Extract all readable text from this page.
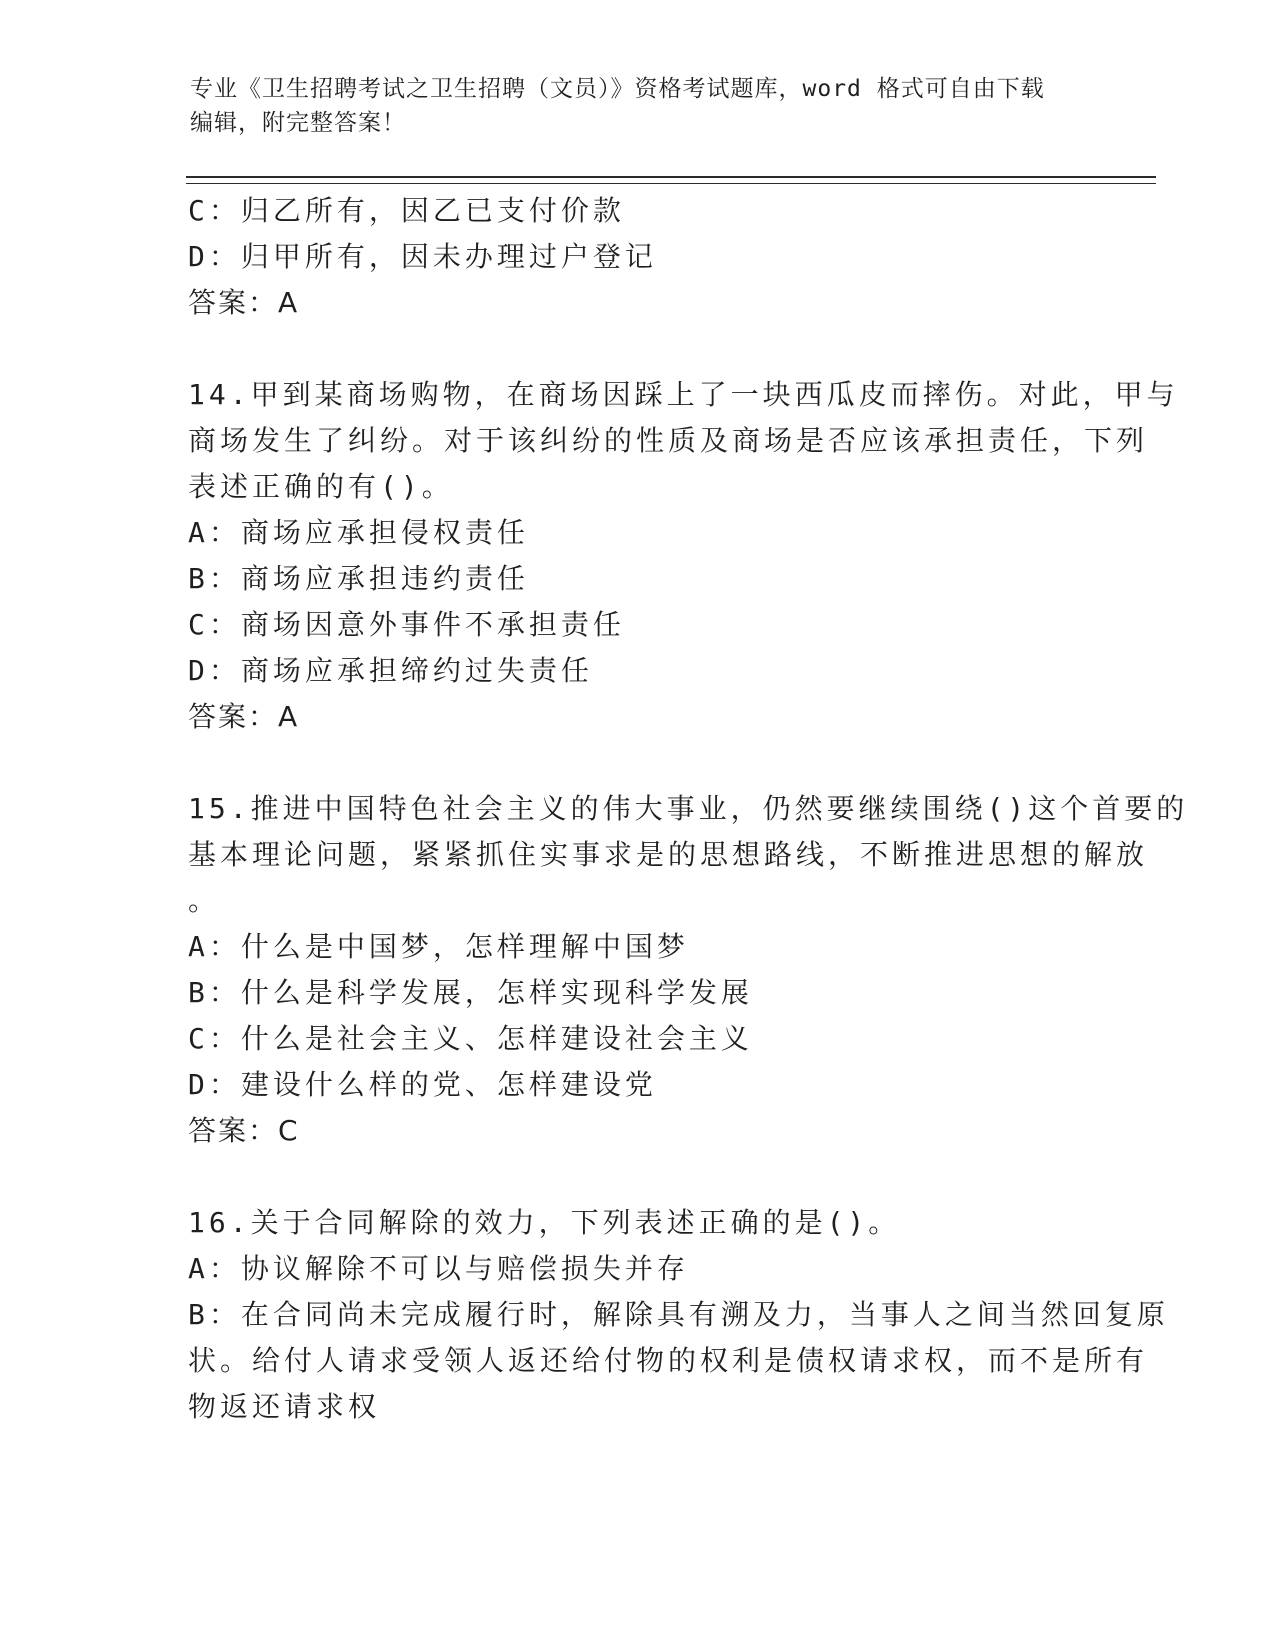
专业《卫生招聘考试之卫生招聘（文员）》资格考试题库，word 格式可自由下载
编辑，附完整答案！
C：归乙所有，因乙已支付价款
D：归甲所有，因未办理过户登记
答案：A
14.甲到某商场购物，在商场因踩上了一块西瓜皮而摔伤。对此，甲与
商场发生了纠纷。对于该纠纷的性质及商场是否应该承担责任，下列
表述正确的有()。
A：商场应承担侵权责任
B：商场应承担违约责任
C：商场因意外事件不承担责任
D：商场应承担缔约过失责任
答案：A
15.推进中国特色社会主义的伟大事业，仍然要继续围绕()这个首要的
基本理论问题，紧紧抓住实事求是的思想路线，不断推进思想的解放
。
A：什么是中国梦，怎样理解中国梦
B：什么是科学发展，怎样实现科学发展
C：什么是社会主义、怎样建设社会主义
D：建设什么样的党、怎样建设党
答案：C
16.关于合同解除的效力，下列表述正确的是()。
A：协议解除不可以与赔偿损失并存
B：在合同尚未完成履行时，解除具有溯及力，当事人之间当然回复原
状。给付人请求受领人返还给付物的权利是债权请求权，而不是所有
物返还请求权
